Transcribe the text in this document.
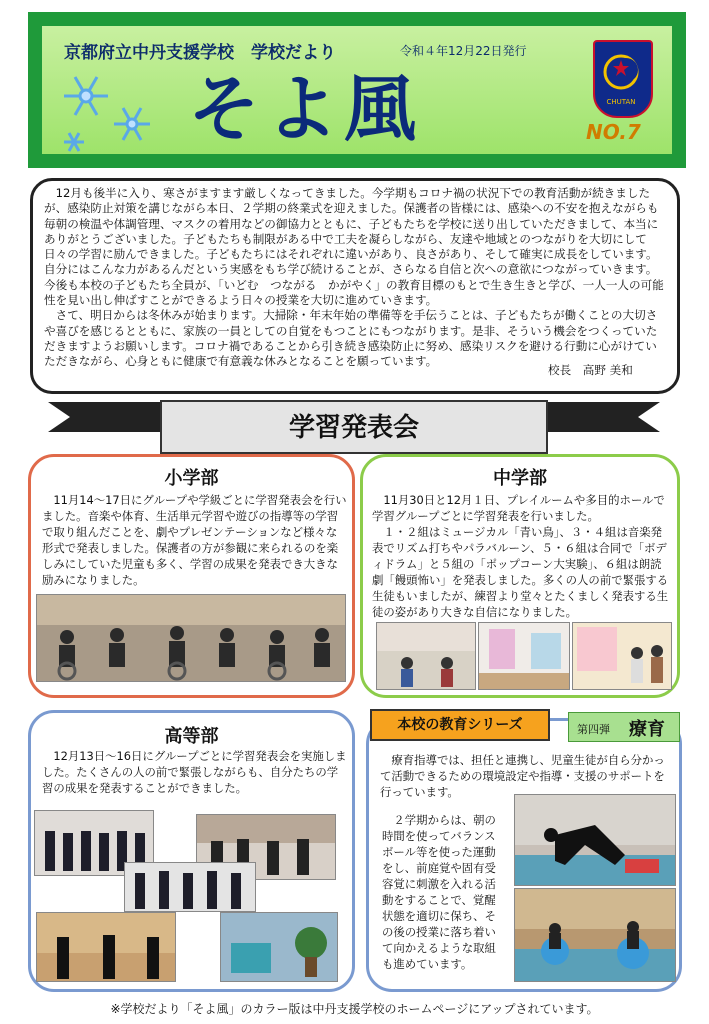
京都府立中丹支援学校　学校だより	令和４年12月22日発行
そよ風	CHUTAN
NO.7

12月も後半に入り、寒さがますます厳しくなってきました。今学期もコロナ禍の状況下での教育活動が続きましたが、感染防止対策を講じながら本日、２学期の終業式を迎えました。保護者の皆様には、感染への不安を抱えながらも毎朝の検温や体調管理、マスクの着用などの御協力とともに、子どもたちを学校に送り出していただきまして、本当にありがとうございました。子どもたちも制限がある中で工夫を凝らしながら、友達や地域とのつながりを大切にして日々の学習に励んできました。子どもたちにはそれぞれに違いがあり、良さがあり、そして確実に成長をしています。自分にはこんな力があるんだという実感をもち学び続けることが、さらなる自信と次への意欲につながっていきます。今後も本校の子どもたち全員が、「いどむ　つながる　かがやく」の教育目標のもとで生き生きと学び、一人一人の可能性を見い出し伸ばすことができるよう日々の授業を大切に進めていきます。

さて、明日からは冬休みが始まります。大掃除・年末年始の準備等を手伝うことは、子どもたちが働くことの大切さや喜びを感じるとともに、家族の一員としての自覚をもつことにもつながります。是非、そういう機会をつくっていただきますようお願いします。コロナ禍であることから引き続き感染防止に努め、感染リスクを避ける行動に心がけていただきながら、心身ともに健康で有意義な休みとなることを願っています。

校長　高野 美和
学習発表会
小学部

11月14～17日にグループや学級ごとに学習発表会を行いました。音楽や体育、生活単元学習や遊びの指導等の学習で取り組んだことを、劇やプレゼンテーションなど様々な形式で発表しました。保護者の方が参観に来られるのを楽しみにしていた児童も多く、学習の成果を発表でき大きな励みになりました。

中学部

11月30日と12月１日、プレイルームや多目的ホールで学習グループごとに学習発表を行いました。

１・２組はミュージカル「青い鳥」、３・４組は音楽発表でリズム打ちやパラバルーン、５・６組は合同で「ボディドラム」と５組の「ポップコーン大実験」、６組は朗読劇「饅頭怖い」を発表しました。多くの人の前で緊張する生徒もいましたが、練習より堂々とたくましく発表する生徒の姿があり大きな自信になりました。

高等部

12月13日～16日にグループごとに学習発表会を実施しました。たくさんの人の前で緊張しながらも、自分たちの学習の成果を発表することができました。

本校の教育シリーズ	第四弾 療育

療育指導では、担任と連携し、児童生徒が自ら分かって活動できるための環境設定や指導・支援のサポートを行っています。

２学期からは、朝の時間を使ってバランスボール等を使った運動をし、前庭覚や固有受容覚に刺激を入れる活動をすることで、覚醒状態を適切に保ち、その後の授業に落ち着いて向かえるような取組も進めています。

※学校だより「そよ風」のカラー版は中丹支援学校のホームページにアップされています。
